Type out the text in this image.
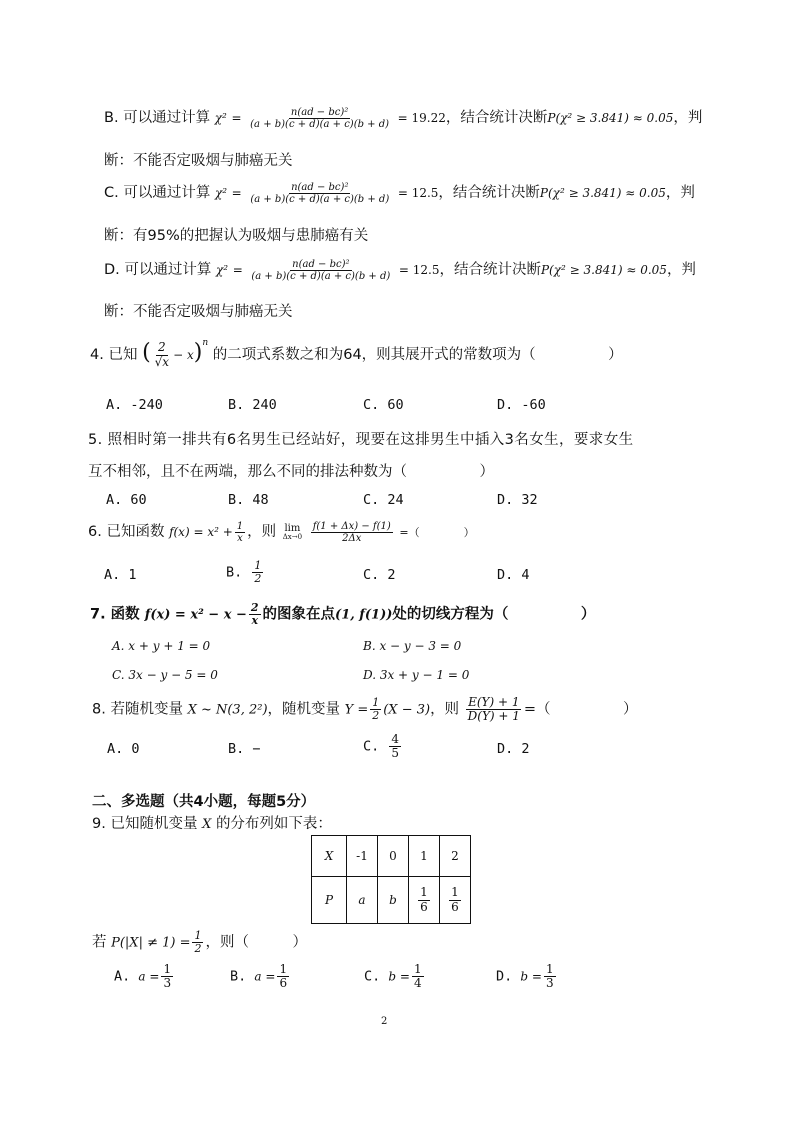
B. 可以通过计算 $\chi^2 = \frac{\text{n(ad − bc)²}}{(a + b)(c + d)(a + c)(b + d)} = 19.22$，结合统计决断P(χ² ≥ 3.841) ≈ 0.05，判
断：不能否定吸烟与肺癌无关
C. 可以通过计算 $\chi^2 = \frac{\text{n(ad − bc)²}}{(a + b)(c + d)(a + c)(b + d)} = 12.5$，结合统计决断P(χ² ≥ 3.841) ≈ 0.05，判
断：有95%的把握认为吸烟与患肺癌有关
D. 可以通过计算 $\chi^2 = \frac{\text{n(ad − bc)²}}{(a + b)(c + d)(a + c)(b + d)} = 12.5$，结合统计决断P(χ² ≥ 3.841) ≈ 0.05，判
断：不能否定吸烟与肺癌无关
4. 已知 ( $\frac{2}{√x} - x)^n$ 的二项式系数之和为64，则其展开式的常数项为（　　　　　）
A. -240	B. 240	C. 60	D. -60
5. 照相时第一排共有6名男生已经站好，现要在这排男生中插入3名女生，要求女生
互不相邻，且不在两端，那么不同的排法种数为（　　　　　）
A. 60	B. 48	C. 24	D. 32
6. 已知函数 $f(x) = x^2 + \frac{1}{x}$ ，则 lim
Δx→0
$\frac{f(1 + \Delta x) - f(1)}{2\Delta x}$ =（　　　　）
A. 1	B. $\frac{1}{2}$	C. 2	D. 4
7. 函数 $f(x) = x^2 - x - \frac{2}{x}$ 的图象在点(1, f(1))处的切线方程为（　　　　　）
A. x + y + 1 = 0	B. x − y − 3 = 0
C. 3x − y − 5 = 0	D. 3x + y − 1 = 0
8. 若随机变量 X ~ N(3, 2²)，随机变量 $Y = \frac{1}{2} (X - 3)$，则 $\frac{E(Y) + 1}{D(Y) + 1}$ =（　　　　　）
A. 0	B. −	C. $\frac{4}{5}$	D. 2
二、多选题（共4小题，每题5分）
9. 已知随机变量 X 的分布列如下表：
X	-1	0	1	2
P	a	b	$\frac{1}{6}$	$\frac{1}{6}$
若 $P(|X| \ne 1) = \frac{1}{2}$ ，则（　　　）
A. $a = \frac{1}{3}$	B. $a = \frac{1}{6}$	C. $b = \frac{1}{4}$	D. $b = \frac{1}{3}$
2
